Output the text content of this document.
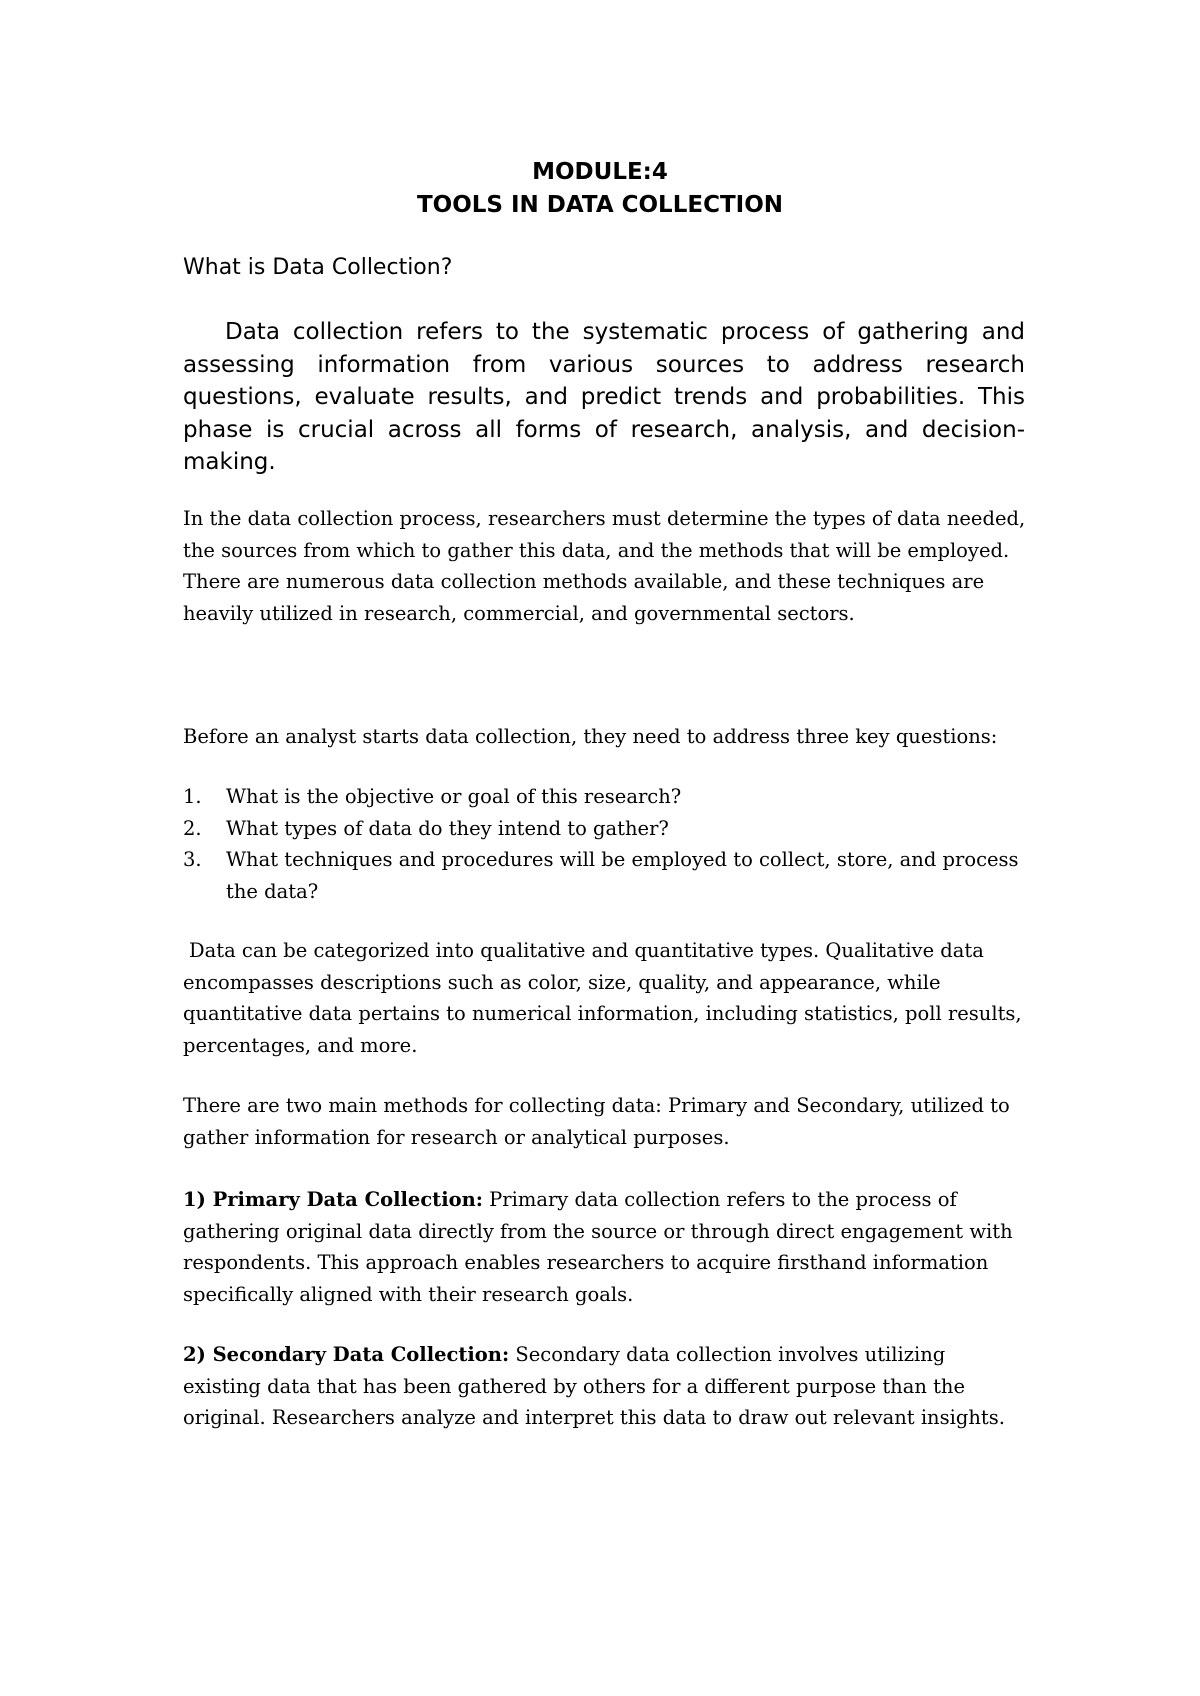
MODULE:4
TOOLS IN DATA COLLECTION
What is Data Collection?

Data collection refers to the systematic process of gathering and assessing information from various sources to address research questions, evaluate results, and predict trends and probabilities. This phase is crucial across all forms of research, analysis, and decision-making.

In the data collection process, researchers must determine the types of data needed, the sources from which to gather this data, and the methods that will be employed. There are numerous data collection methods available, and these techniques are heavily utilized in research, commercial, and governmental sectors.

Before an analyst starts data collection, they need to address three key questions:

1. What is the objective or goal of this research?
2. What types of data do they intend to gather?
3. What techniques and procedures will be employed to collect, store, and process the data?

Data can be categorized into qualitative and quantitative types. Qualitative data encompasses descriptions such as color, size, quality, and appearance, while quantitative data pertains to numerical information, including statistics, poll results, percentages, and more.

There are two main methods for collecting data: Primary and Secondary, utilized to gather information for research or analytical purposes.

1) Primary Data Collection: Primary data collection refers to the process of gathering original data directly from the source or through direct engagement with respondents. This approach enables researchers to acquire firsthand information specifically aligned with their research goals.

2) Secondary Data Collection: Secondary data collection involves utilizing existing data that has been gathered by others for a different purpose than the original. Researchers analyze and interpret this data to draw out relevant insights.
